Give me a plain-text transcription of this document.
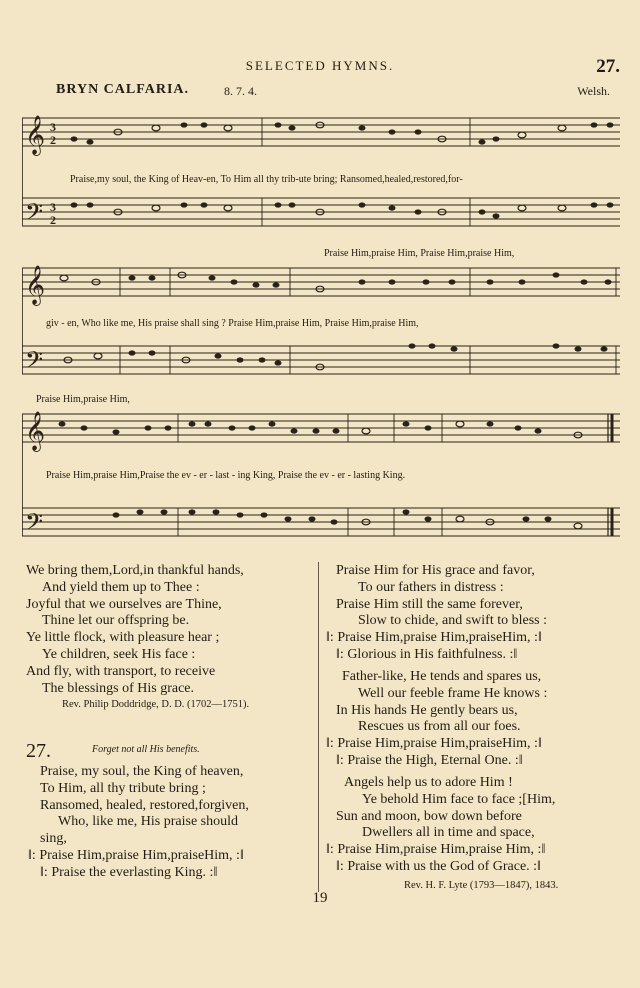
SELECTED HYMNS.	27.
BRYN CALFARIA.	8. 7. 4.	Welsh.
𝄞
𝄢
3
2
3
2
Praise,my soul, the King of Heav-en, To Him all thy trib-ute bring; Ransomed,healed,restored,for-
Praise Him,praise Him, Praise Him,praise Him,
𝄞
𝄢
giv - en, Who like me, His praise shall sing ? Praise Him,praise Him, Praise Him,praise Him,
Praise Him,praise Him,
𝄞
𝄢
Praise Him,praise Him,Praise the ev - er - last - ing King, Praise the ev - er - lasting King.
We bring them,Lord,in thankful hands,
And yield them up to Thee :
Joyful that we ourselves are Thine,
Thine let our offspring be.
Ye little flock, with pleasure hear ;
Ye children, seek His face :
And fly, with transport, to receive
The blessings of His grace.
Rev. Philip Doddridge, D. D. (1702—1751).
27.	Forget not all His benefits.
Praise, my soul, the King of heaven,
To Him, all thy tribute bring ;
Ransomed, healed, restored,forgiven,
Who, like me, His praise should
sing,
‖: Praise Him,praise Him,praiseHim, :‖
‖: Praise the everlasting King. :‖
Praise Him for His grace and favor,
To our fathers in distress :
Praise Him still the same forever,
Slow to chide, and swift to bless :
‖: Praise Him,praise Him,praiseHim, :‖
‖: Glorious in His faithfulness. :‖
Father-like, He tends and spares us,
Well our feeble frame He knows :
In His hands He gently bears us,
Rescues us from all our foes.
‖: Praise Him,praise Him,praiseHim, :‖
‖: Praise the High, Eternal One. :‖
Angels help us to adore Him !
Ye behold Him face to face ;[Him,
Sun and moon, bow down before
Dwellers all in time and space,
‖: Praise Him,praise Him,praise Him, :‖
‖: Praise with us the God of Grace. :‖
Rev. H. F. Lyte (1793—1847), 1843.
19
